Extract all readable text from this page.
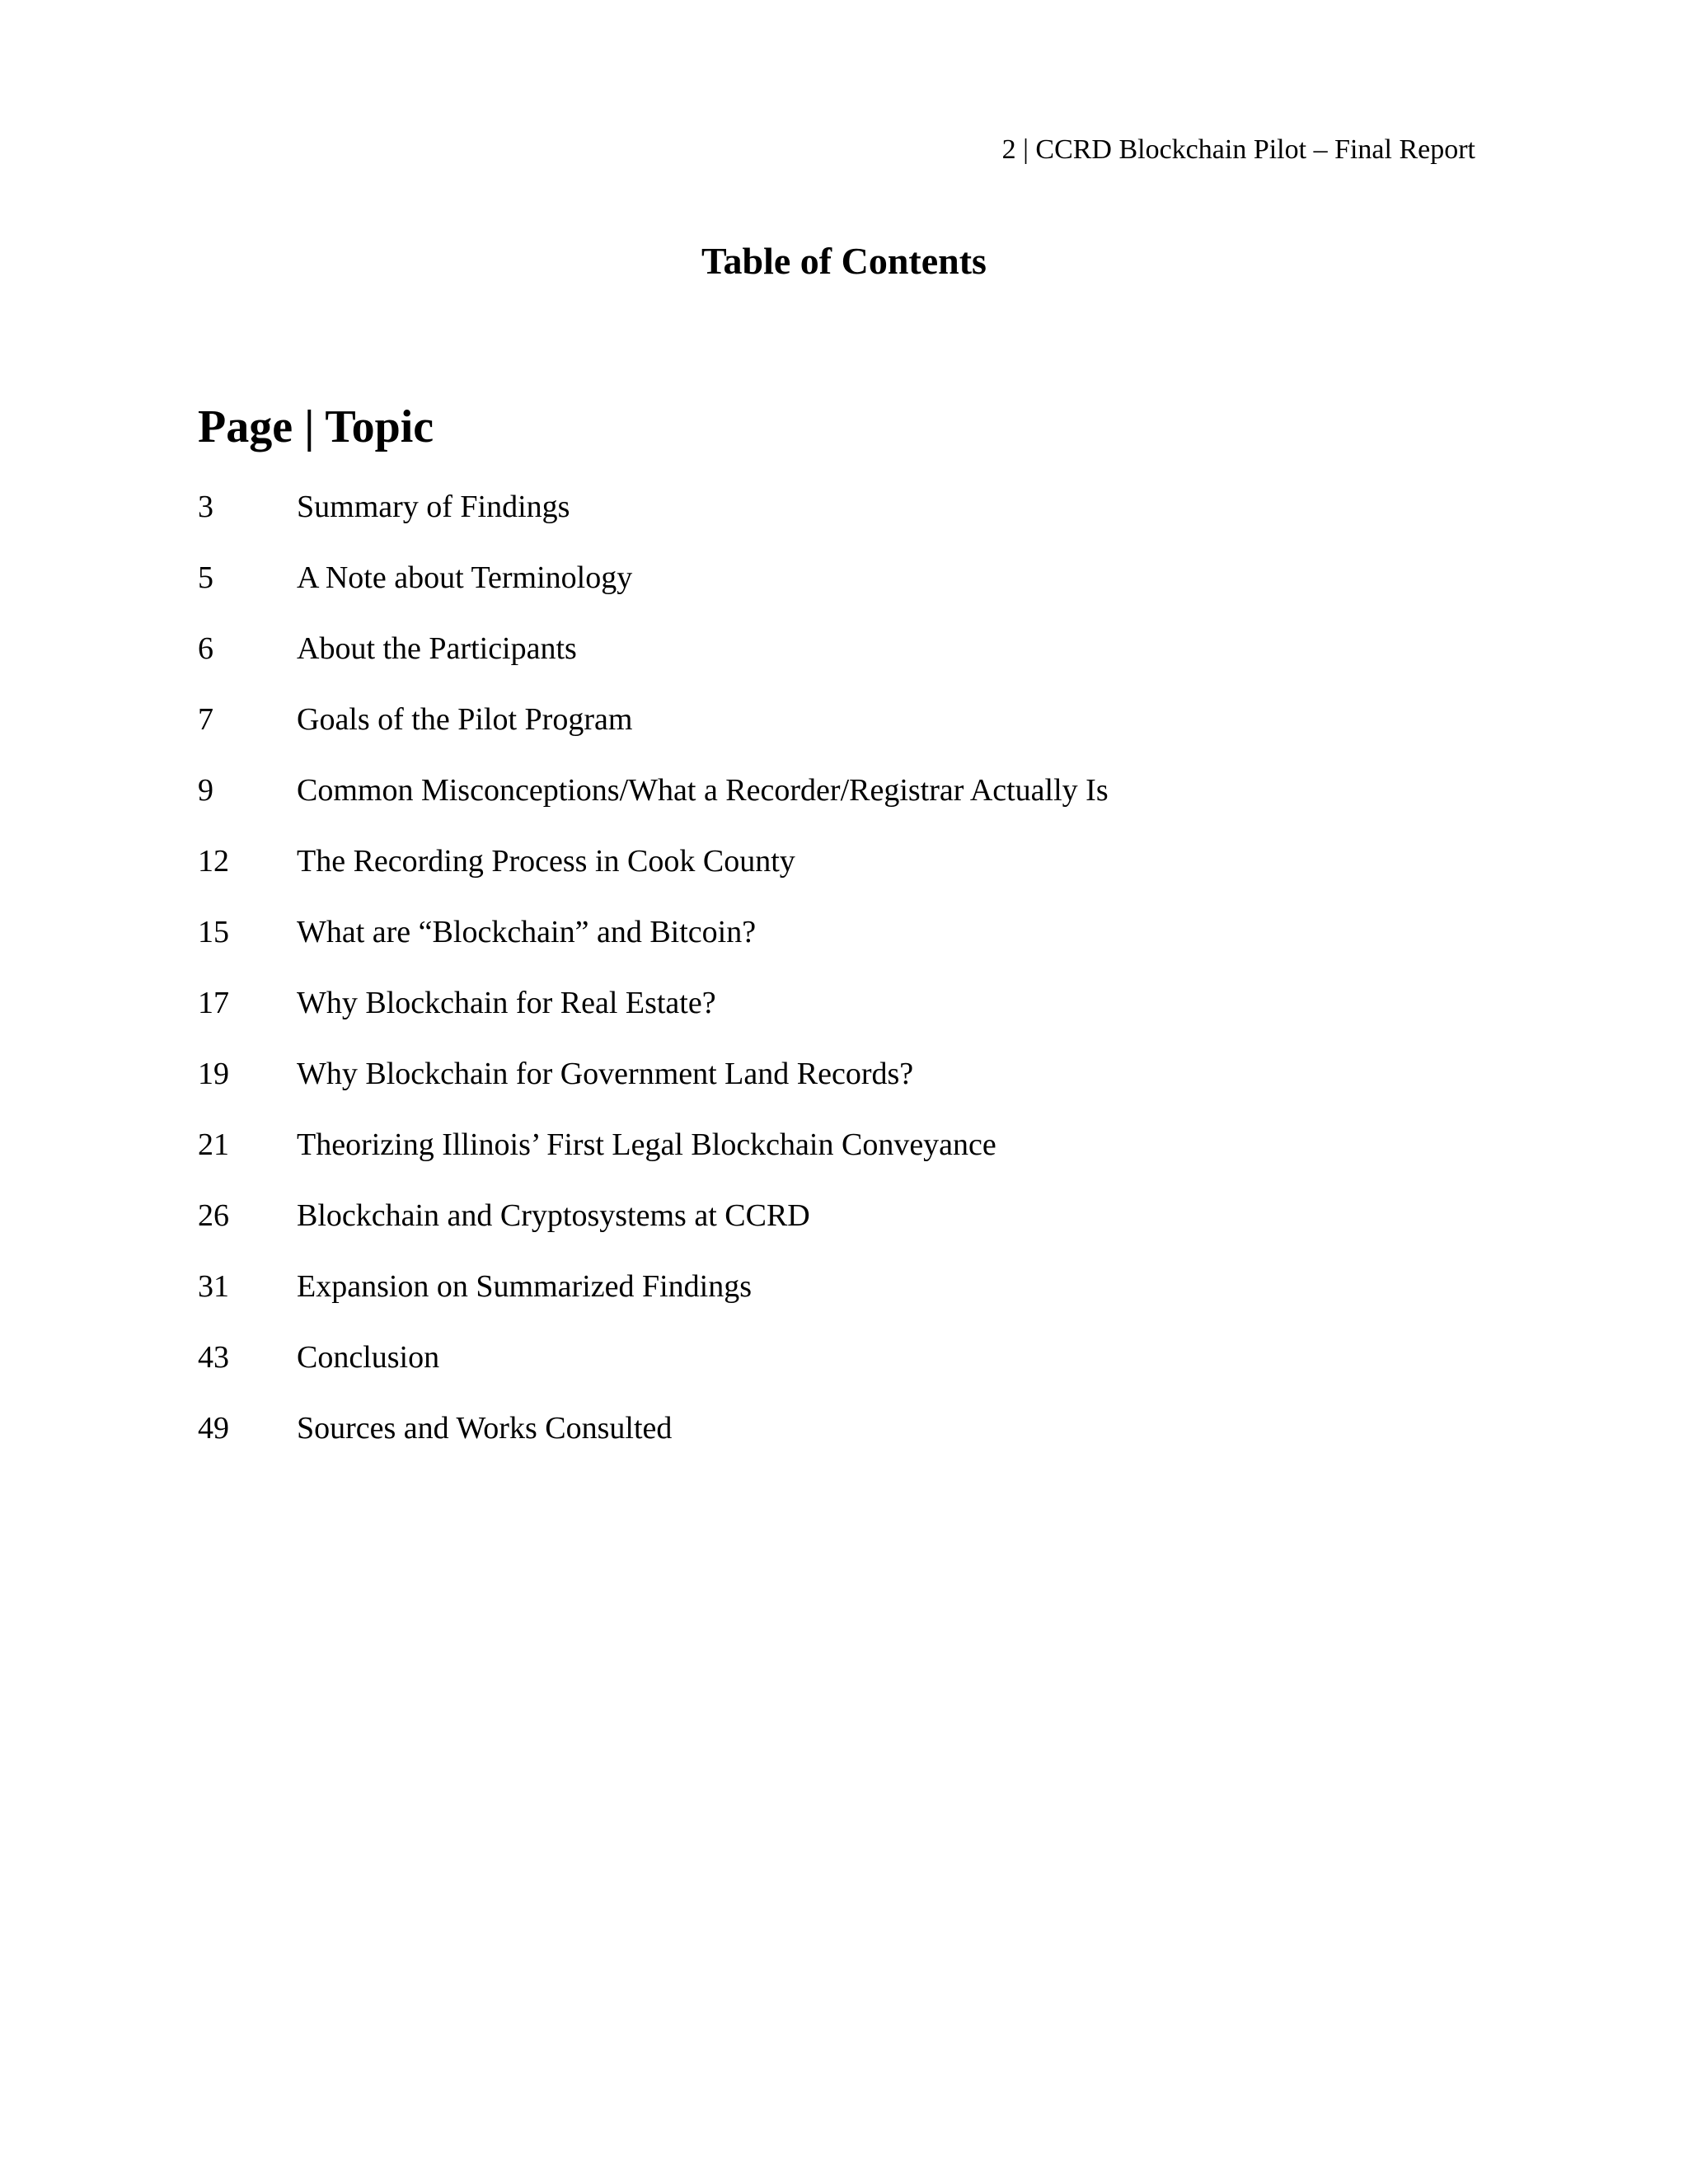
2 | CCRD Blockchain Pilot – Final Report
Table of Contents
Page | Topic
3	Summary of Findings
5	A Note about Terminology
6	About the Participants
7	Goals of the Pilot Program
9	Common Misconceptions/What a Recorder/Registrar Actually Is
12	The Recording Process in Cook County
15	What are “Blockchain” and Bitcoin?
17	Why Blockchain for Real Estate?
19	Why Blockchain for Government Land Records?
21	Theorizing Illinois’ First Legal Blockchain Conveyance
26	Blockchain and Cryptosystems at CCRD
31	Expansion on Summarized Findings
43	Conclusion
49	Sources and Works Consulted
